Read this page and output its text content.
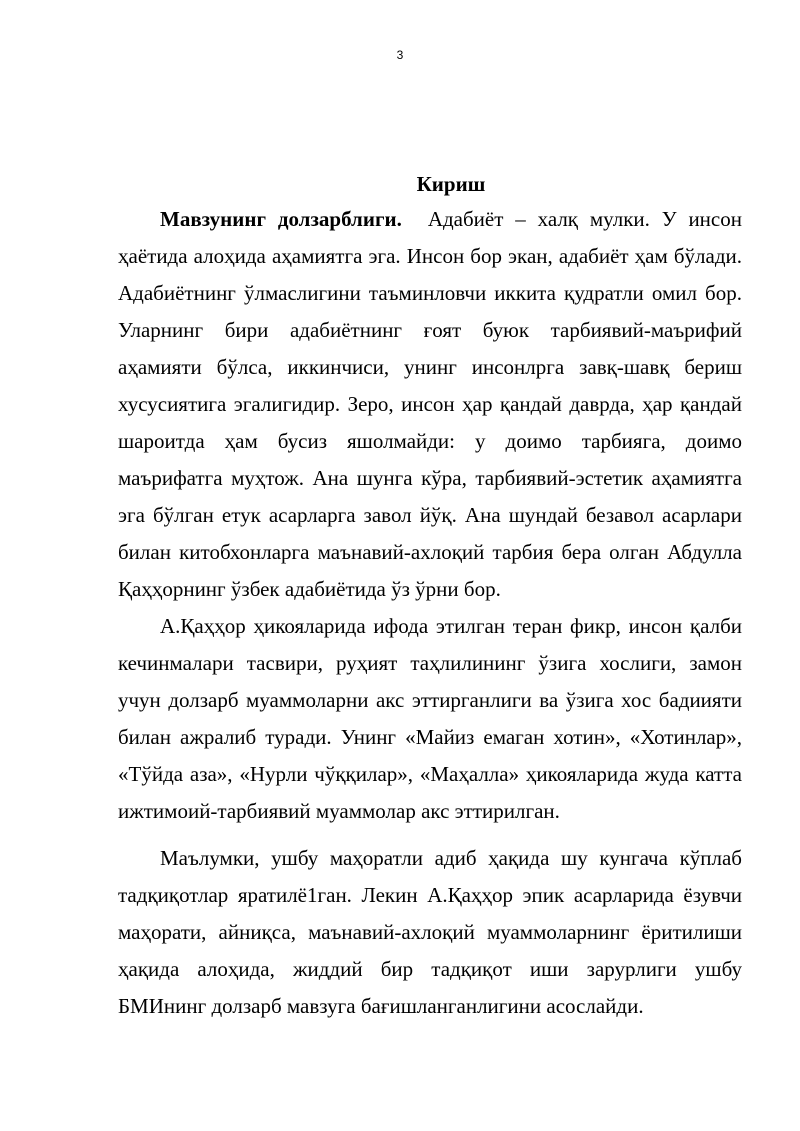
3
Кириш

Мавзунинг долзарблиги. Адабиёт – халқ мулки. У инсон ҳаётида алоҳида аҳамиятга эга. Инсон бор экан, адабиёт ҳам бўлади. Адабиётнинг ўлмаслигини таъминловчи иккита қудратли омил бор. Уларнинг бири адабиётнинг ғоят буюк тарбиявий-маърифий аҳамияти бўлса, иккинчиси, унинг инсонлрга завқ-шавқ бериш хусусиятига эгалигидир. Зеро, инсон ҳар қандай даврда, ҳар қандай шароитда ҳам бусиз яшолмайди: у доимо тарбияга, доимо маърифатга муҳтож. Ана шунга кўра, тарбиявий-эстетик аҳамиятга эга бўлган етук асарларга завол йўқ. Ана шундай безавол асарлари билан китобхонларга маънавий-ахлоқий тарбия бера олган Абдулла Қаҳҳорнинг ўзбек адабиётида ўз ўрни бор.

А.Қаҳҳор ҳикояларида ифода этилган теран фикр, инсон қалби кечинмалари тасвири, руҳият таҳлилининг ўзига хослиги, замон учун долзарб муаммоларни акс эттирганлиги ва ўзига хос бадиияти билан ажралиб туради. Унинг «Майиз емаган хотин», «Хотинлар», «Тўйда аза», «Нурли чўққилар», «Маҳалла» ҳикояларида жуда катта ижтимоий-тарбиявий муаммолар акс эттирилган.

Маълумки, ушбу маҳоратли адиб ҳақида шу кунгача кўплаб тадқиқотлар яратилё1ган. Лекин А.Қаҳҳор эпик асарларида ёзувчи маҳорати, айниқса, маънавий-ахлоқий муаммоларнинг ёритилиши ҳақида алоҳида, жиддий бир тадқиқот иши зарурлиги ушбу БМИнинг долзарб мавзуга бағишланганлигини асослайди.
